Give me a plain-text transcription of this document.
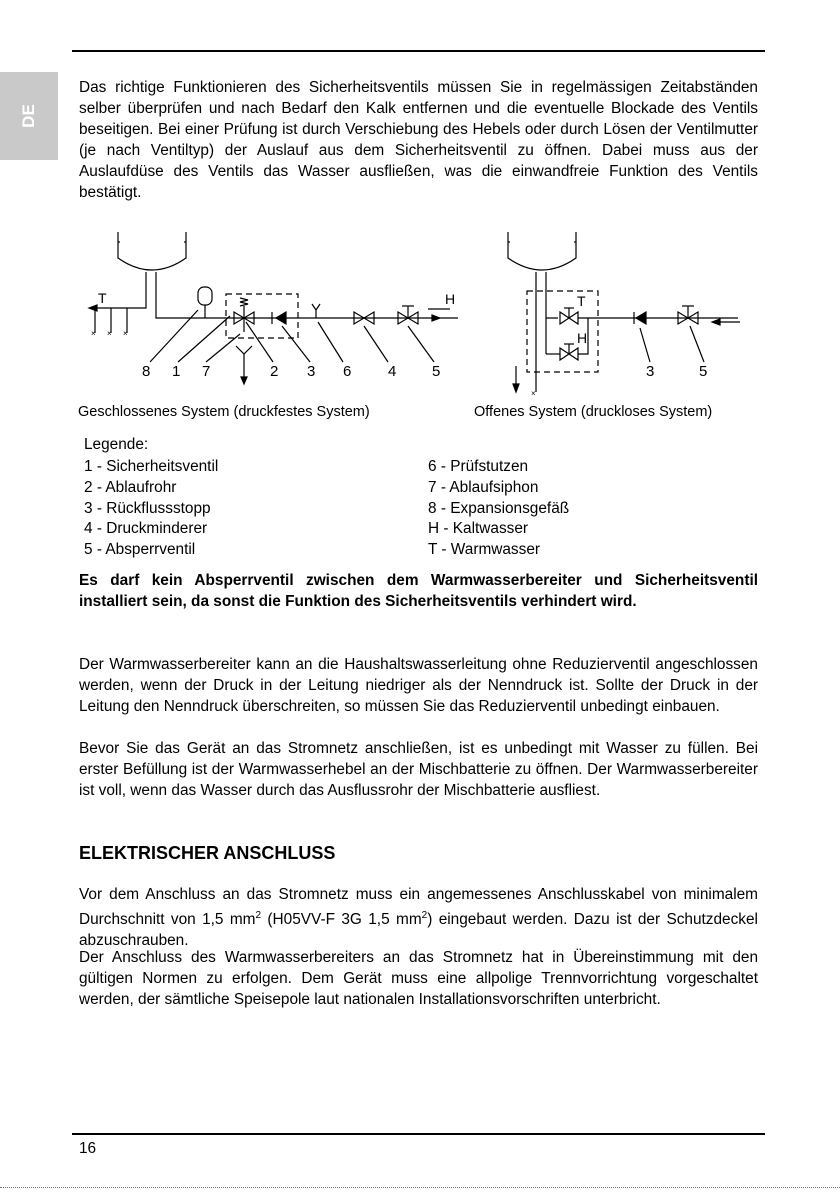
DE

Das richtige Funktionieren des Sicherheitsventils müssen Sie in regelmässigen Zeitabständen selber überprüfen und nach Bedarf den Kalk entfernen und die eventuelle Blockade des Ventils beseitigen. Bei einer Prüfung ist durch Verschiebung des Hebels oder durch Lösen der Ventilmutter (je nach Ventiltyp) der Auslauf aus dem Sicherheitsventil zu öffnen. Dabei muss aus der Auslaufdüse des Ventils das Wasser ausfließen, was die einwandfreie Funktion des Ventils bestätigt.

× × ×
T	H
8 1 7	2 3 6 4 5
×
T
H
3	5
Geschlossenes System (druckfestes System)	Offenes System (druckloses System)
Legende:
1 - Sicherheitsventil
2 - Ablaufrohr
3 - Rückflussstopp
4 - Druckminderer
5 - Absperrventil
6 - Prüfstutzen
7 - Ablaufsiphon
8 - Expansionsgefäß
H - Kaltwasser
T - Warmwasser

Es darf kein Absperrventil zwischen dem Warmwasserbereiter und Sicherheitsventil installiert sein, da sonst die Funktion des Sicherheitsventils verhindert wird.

Der Warmwasserbereiter kann an die Haushaltswasserleitung ohne Reduzierventil angeschlossen werden, wenn der Druck in der Leitung niedriger als der Nenndruck ist. Sollte der Druck in der Leitung den Nenndruck überschreiten, so müssen Sie das Reduzierventil unbedingt einbauen.

Bevor Sie das Gerät an das Stromnetz anschließen, ist es unbedingt mit Wasser zu füllen. Bei erster Befüllung ist der Warmwasserhebel an der Mischbatterie zu öffnen. Der Warmwasserbereiter ist voll, wenn das Wasser durch das Ausflussrohr der Mischbatterie ausfliest.

ELEKTRISCHER ANSCHLUSS

Vor dem Anschluss an das Stromnetz muss ein angemessenes Anschlusskabel von minimalem Durchschnitt von 1,5 $mm^2$ (H05VV-F 3G 1,5 $mm^2$) eingebaut werden. Dazu ist der Schutzdeckel abzuschrauben.

Der Anschluss des Warmwasserbereiters an das Stromnetz hat in Übereinstimmung mit den gültigen Normen zu erfolgen. Dem Gerät muss eine allpolige Trennvorrichtung vorgeschaltet werden, der sämtliche Speisepole laut nationalen Installationsvorschriften unterbricht.

16
